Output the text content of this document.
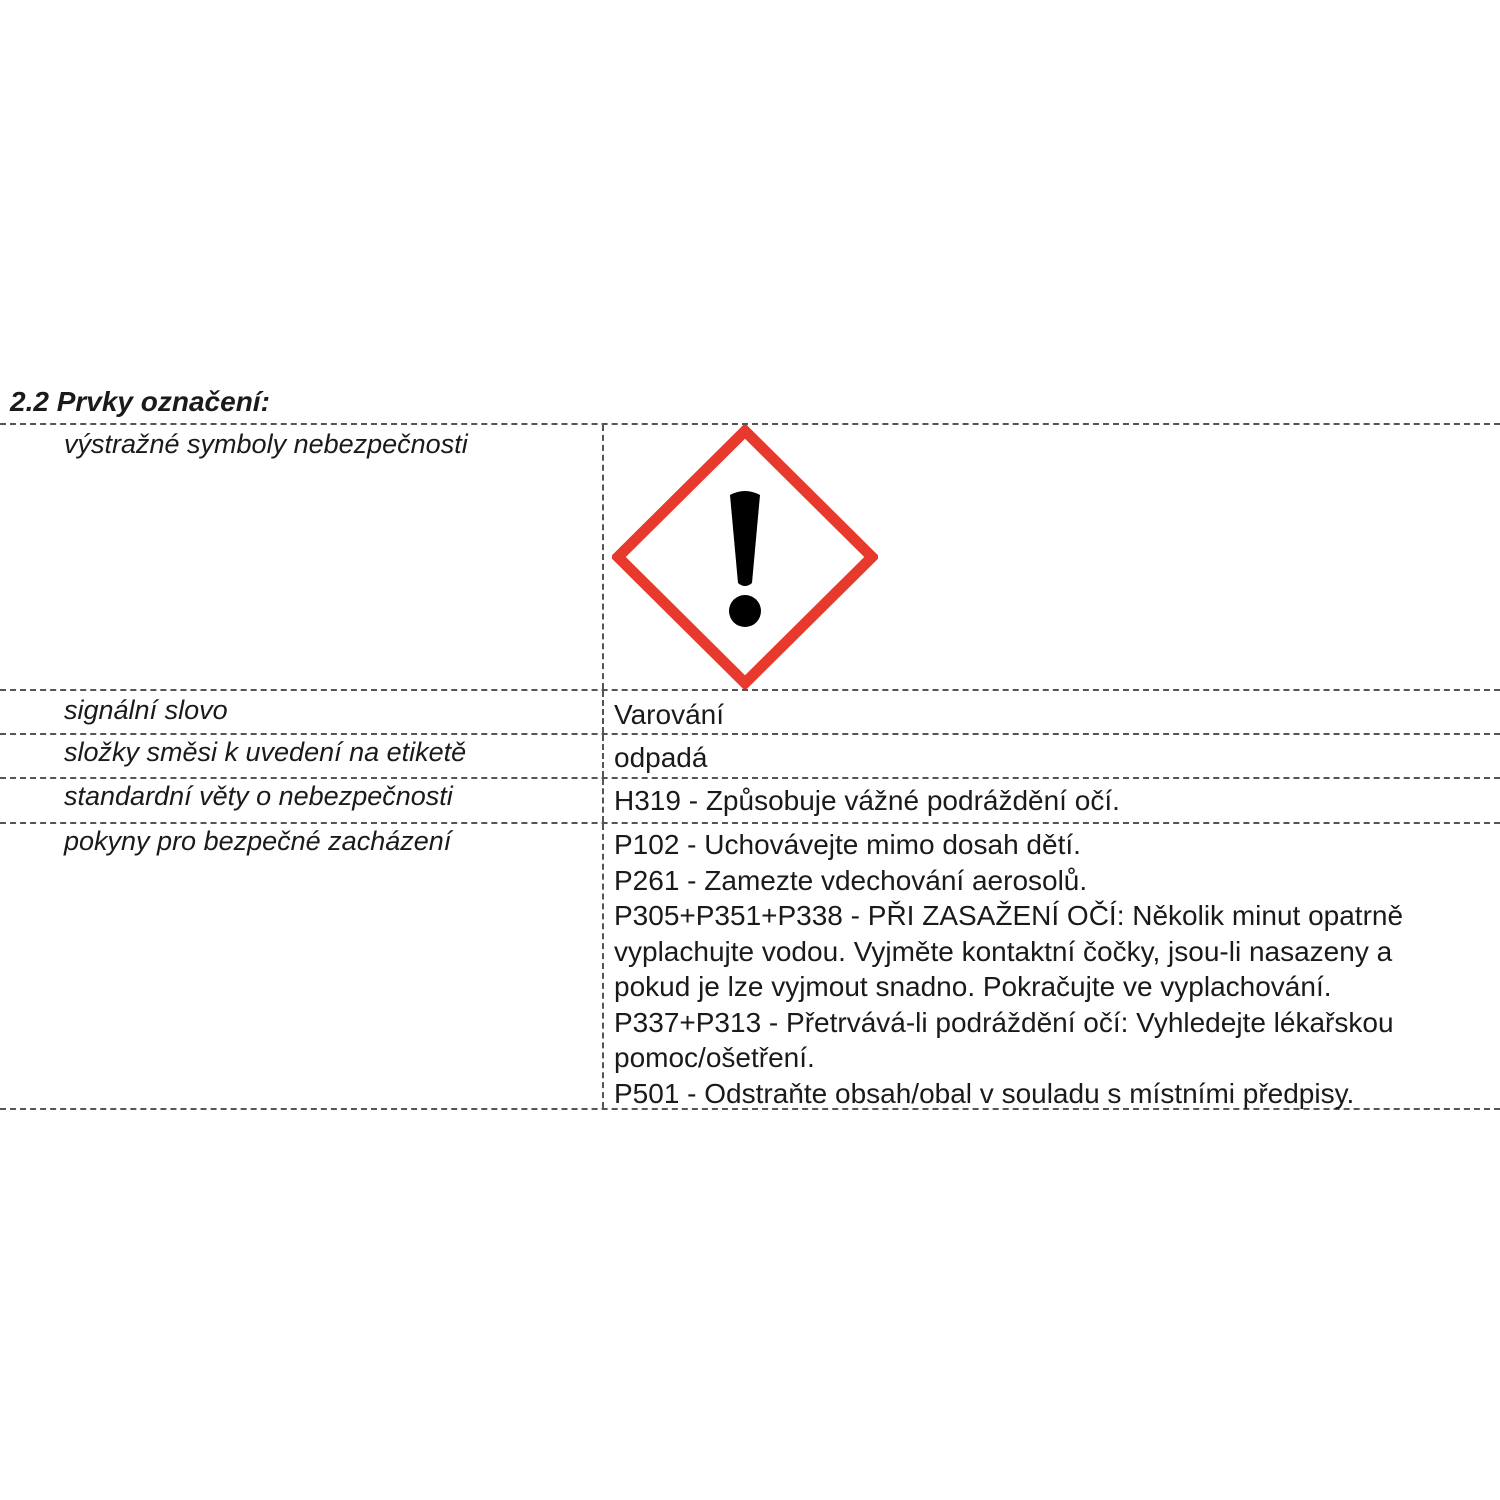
2.2 Prvky označení:
výstražné symboly nebezpečnosti
signální slovo	Varování
složky směsi k uvedení na etiketě	odpadá
standardní věty o nebezpečnosti	H319 - Způsobuje vážné podráždění očí.
pokyny pro bezpečné zacházení	P102 - Uchovávejte mimo dosah dětí.
P261 - Zamezte vdechování aerosolů.
P305+P351+P338 - PŘI ZASAŽENÍ OČÍ: Několik minut opatrně
vyplachujte vodou. Vyjměte kontaktní čočky, jsou-li nasazeny a
pokud je lze vyjmout snadno. Pokračujte ve vyplachování.
P337+P313 - Přetrvává-li podráždění očí: Vyhledejte lékařskou
pomoc/ošetření.
P501 - Odstraňte obsah/obal v souladu s místními předpisy.
